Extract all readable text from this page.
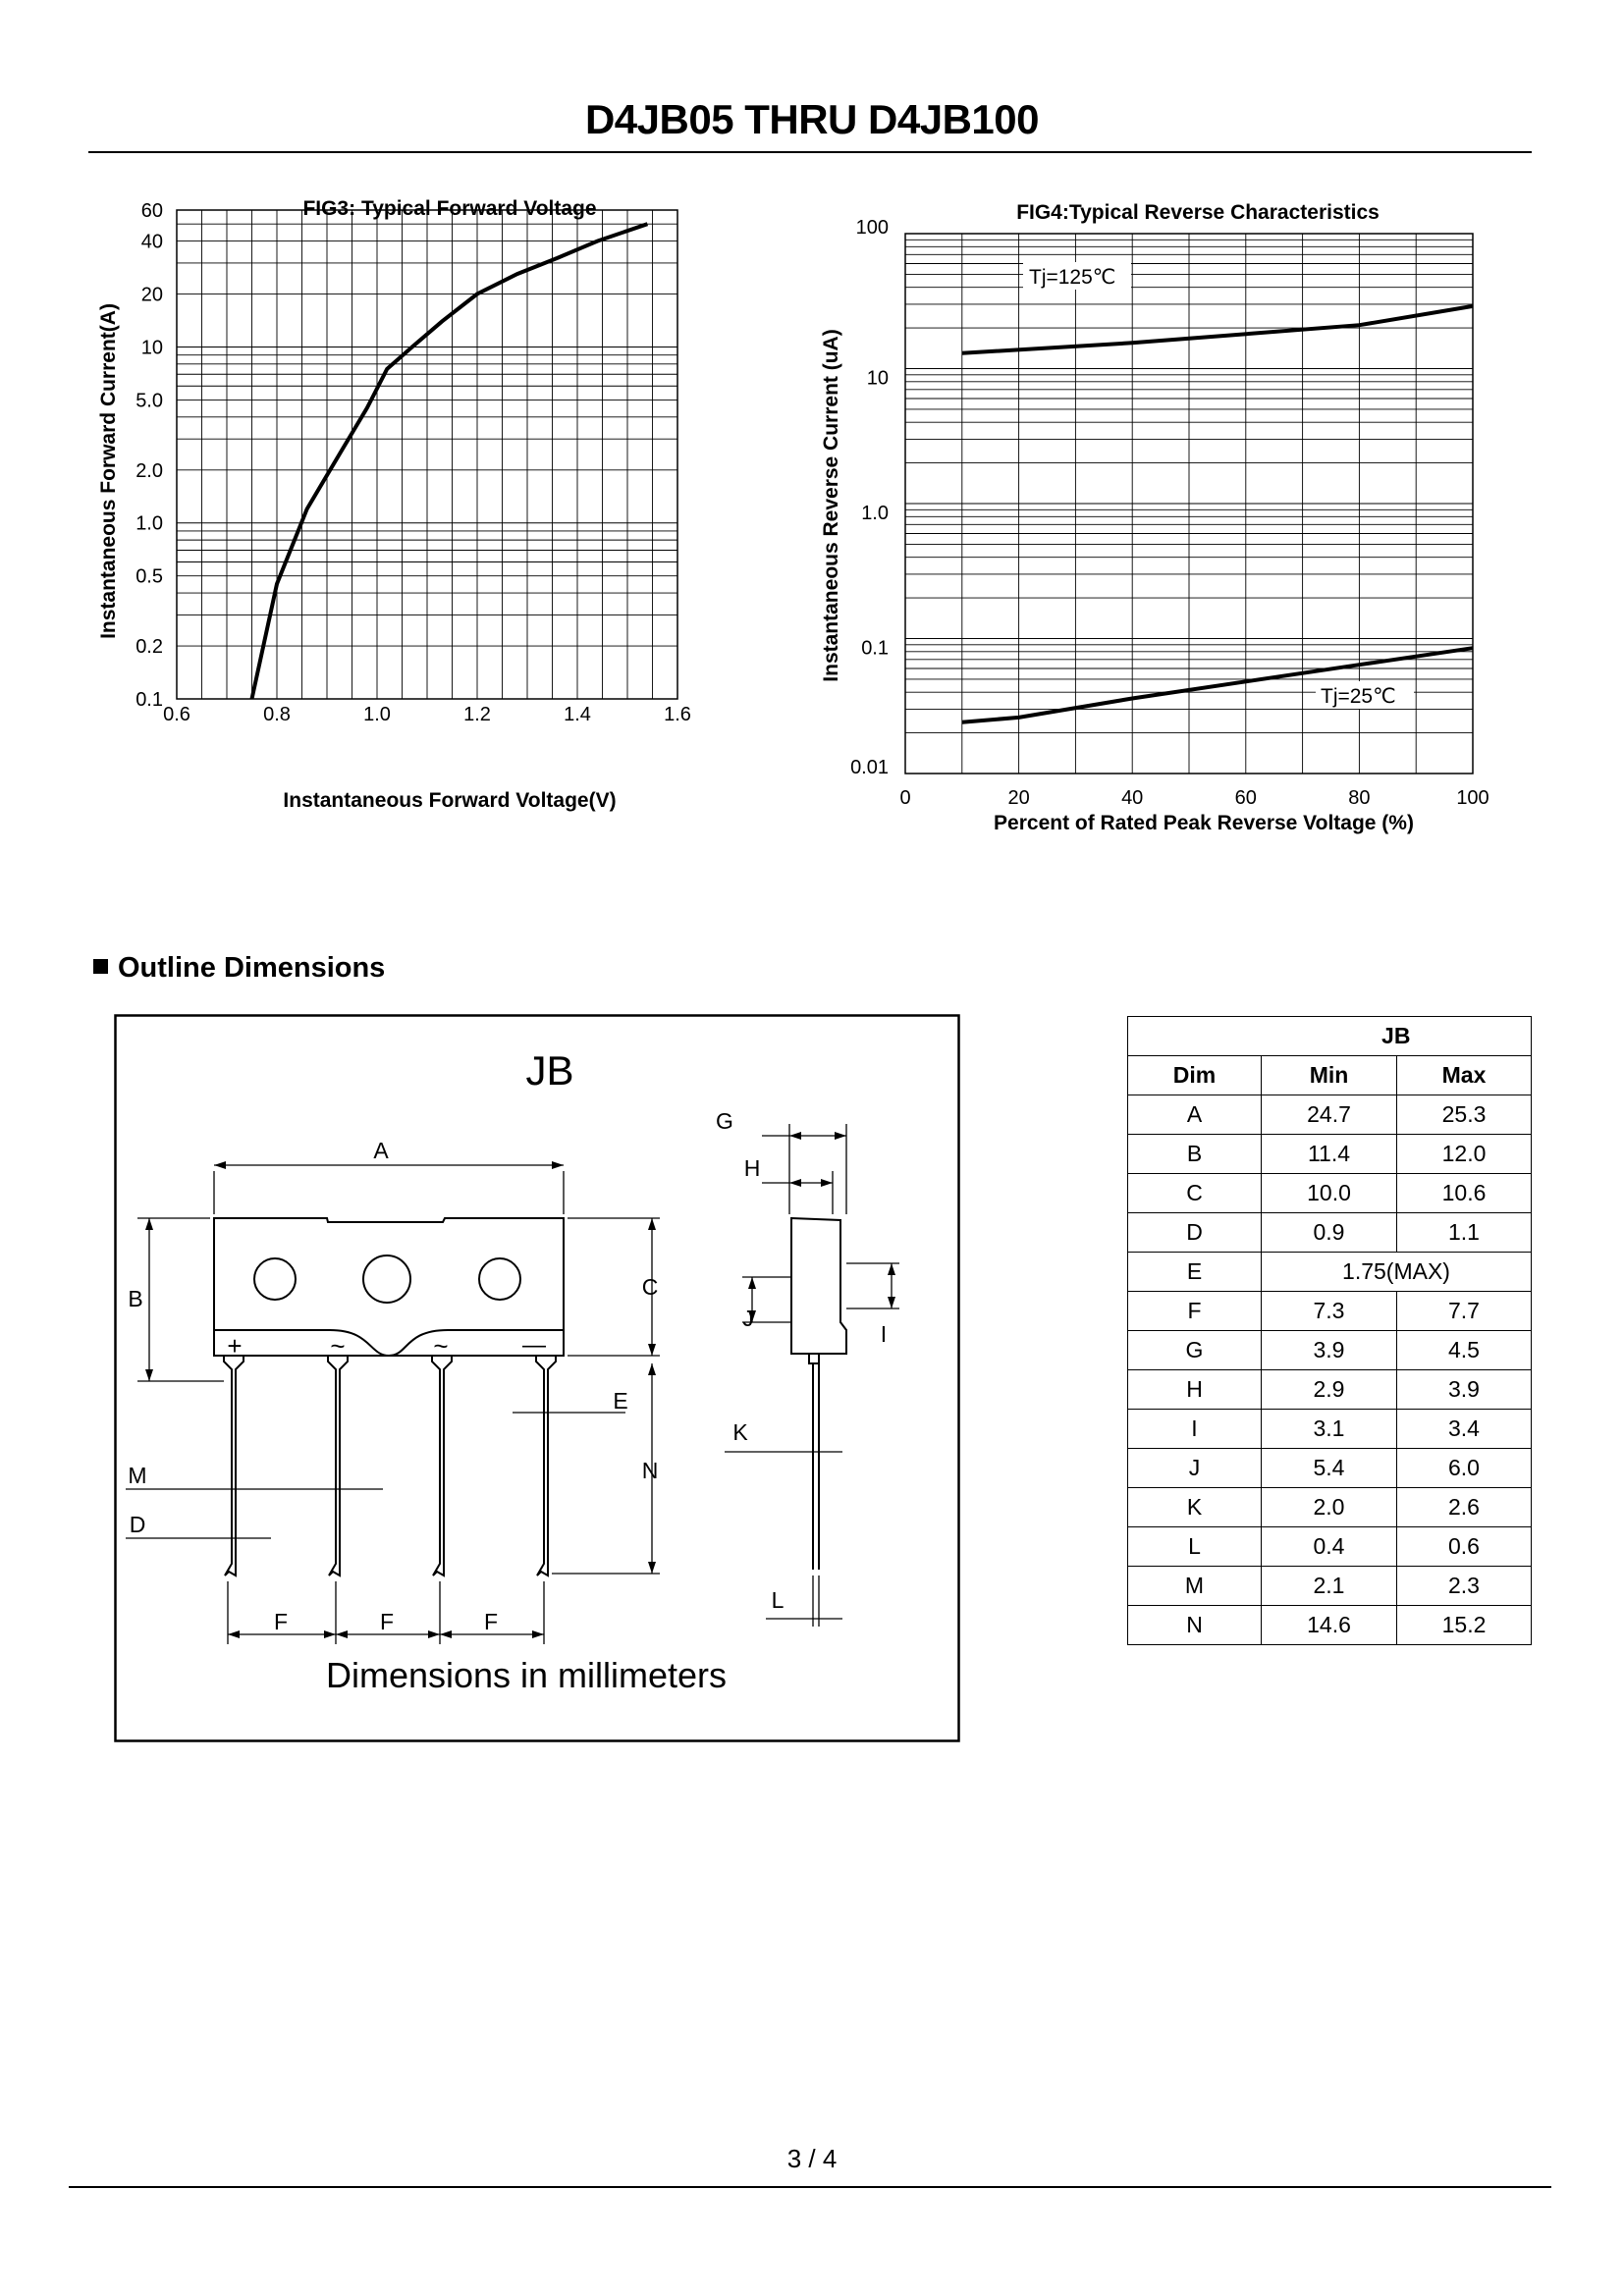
D4JB05 THRU D4JB100
FIG3: Typical Forward Voltage
60
40
20
10
5.0
2.0
1.0
0.5
0.2
0.1
0.6	0.8	1.0	1.2	1.4	1.6
Instantaneous Forward Voltage(V)
Instantaneous Forward Current(A)
FIG4:Typical Reverse Characteristics
Tj=125℃
Tj=25℃
100
10
1.0
0.1
0.01
0	20	40	60	80	100
Percent of Rated Peak Reverse Voltage (%)
Instantaneous Reverse Current (uA)
Outline Dimensions
JB
Dimensions in millimeters
+	~	~	—
A
B	C
E
N
M
D
F	F	F
G
H
J
I
K
L
	JB	
Dim	Min	Max
A	24.7	25.3
B	11.4	12.0
C	10.0	10.6
D	0.9	1.1
E	1.75(MAX)	
F	7.3	7.7
G	3.9	4.5
H	2.9	3.9
I	3.1	3.4
J	5.4	6.0
K	2.0	2.6
L	0.4	0.6
M	2.1	2.3
N	14.6	15.2
3 / 4
